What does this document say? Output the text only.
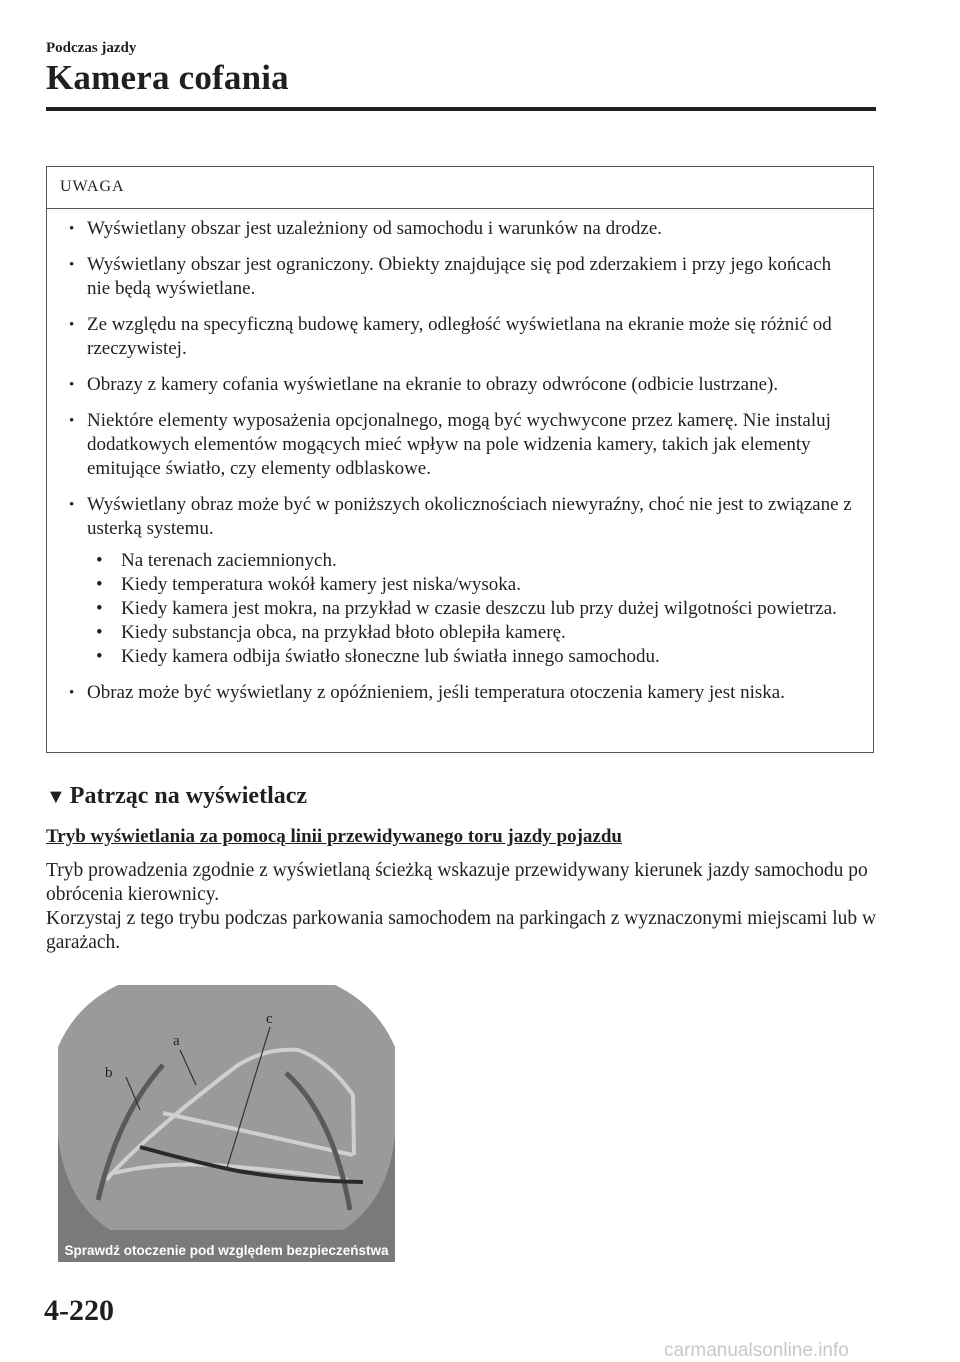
Podczas jazdy
Kamera cofania
UWAGA
• Wyświetlany obszar jest uzależniony od samochodu i warunków na drodze.
• Wyświetlany obszar jest ograniczony. Obiekty znajdujące się pod zderzakiem i przy jego końcach nie będą wyświetlane.
• Ze względu na specyficzną budowę kamery, odległość wyświetlana na ekranie może się różnić od rzeczywistej.
• Obrazy z kamery cofania wyświetlane na ekranie to obrazy odwrócone (odbicie lustrzane).
• Niektóre elementy wyposażenia opcjonalnego, mogą być wychwycone przez kamerę. Nie instaluj dodatkowych elementów mogących mieć wpływ na pole widzenia kamery, takich jak elementy emitujące światło, czy elementy odblaskowe.
• Wyświetlany obraz może być w poniższych okolicznościach niewyraźny, choć nie jest to związane z usterką systemu.
• Na terenach zaciemnionych.
• Kiedy temperatura wokół kamery jest niska/wysoka.
• Kiedy kamera jest mokra, na przykład w czasie deszczu lub przy dużej wilgotności powietrza.
• Kiedy substancja obca, na przykład błoto oblepiła kamerę.
• Kiedy kamera odbija światło słoneczne lub światła innego samochodu.
• Obraz może być wyświetlany z opóźnieniem, jeśli temperatura otoczenia kamery jest niska.
▼ Patrząc na wyświetlacz
Tryb wyświetlania za pomocą linii przewidywanego toru jazdy pojazdu
Tryb prowadzenia zgodnie z wyświetlaną ścieżką wskazuje przewidywany kierunek jazdy samochodu po obrócenia kierownicy.
Korzystaj z tego trybu podczas parkowania samochodem na parkingach z wyznaczonymi miejscami lub w garażach.
b
a
c
Sprawdź otoczenie pod względem bezpieczeństwa
4-220
carmanualsonline.info
